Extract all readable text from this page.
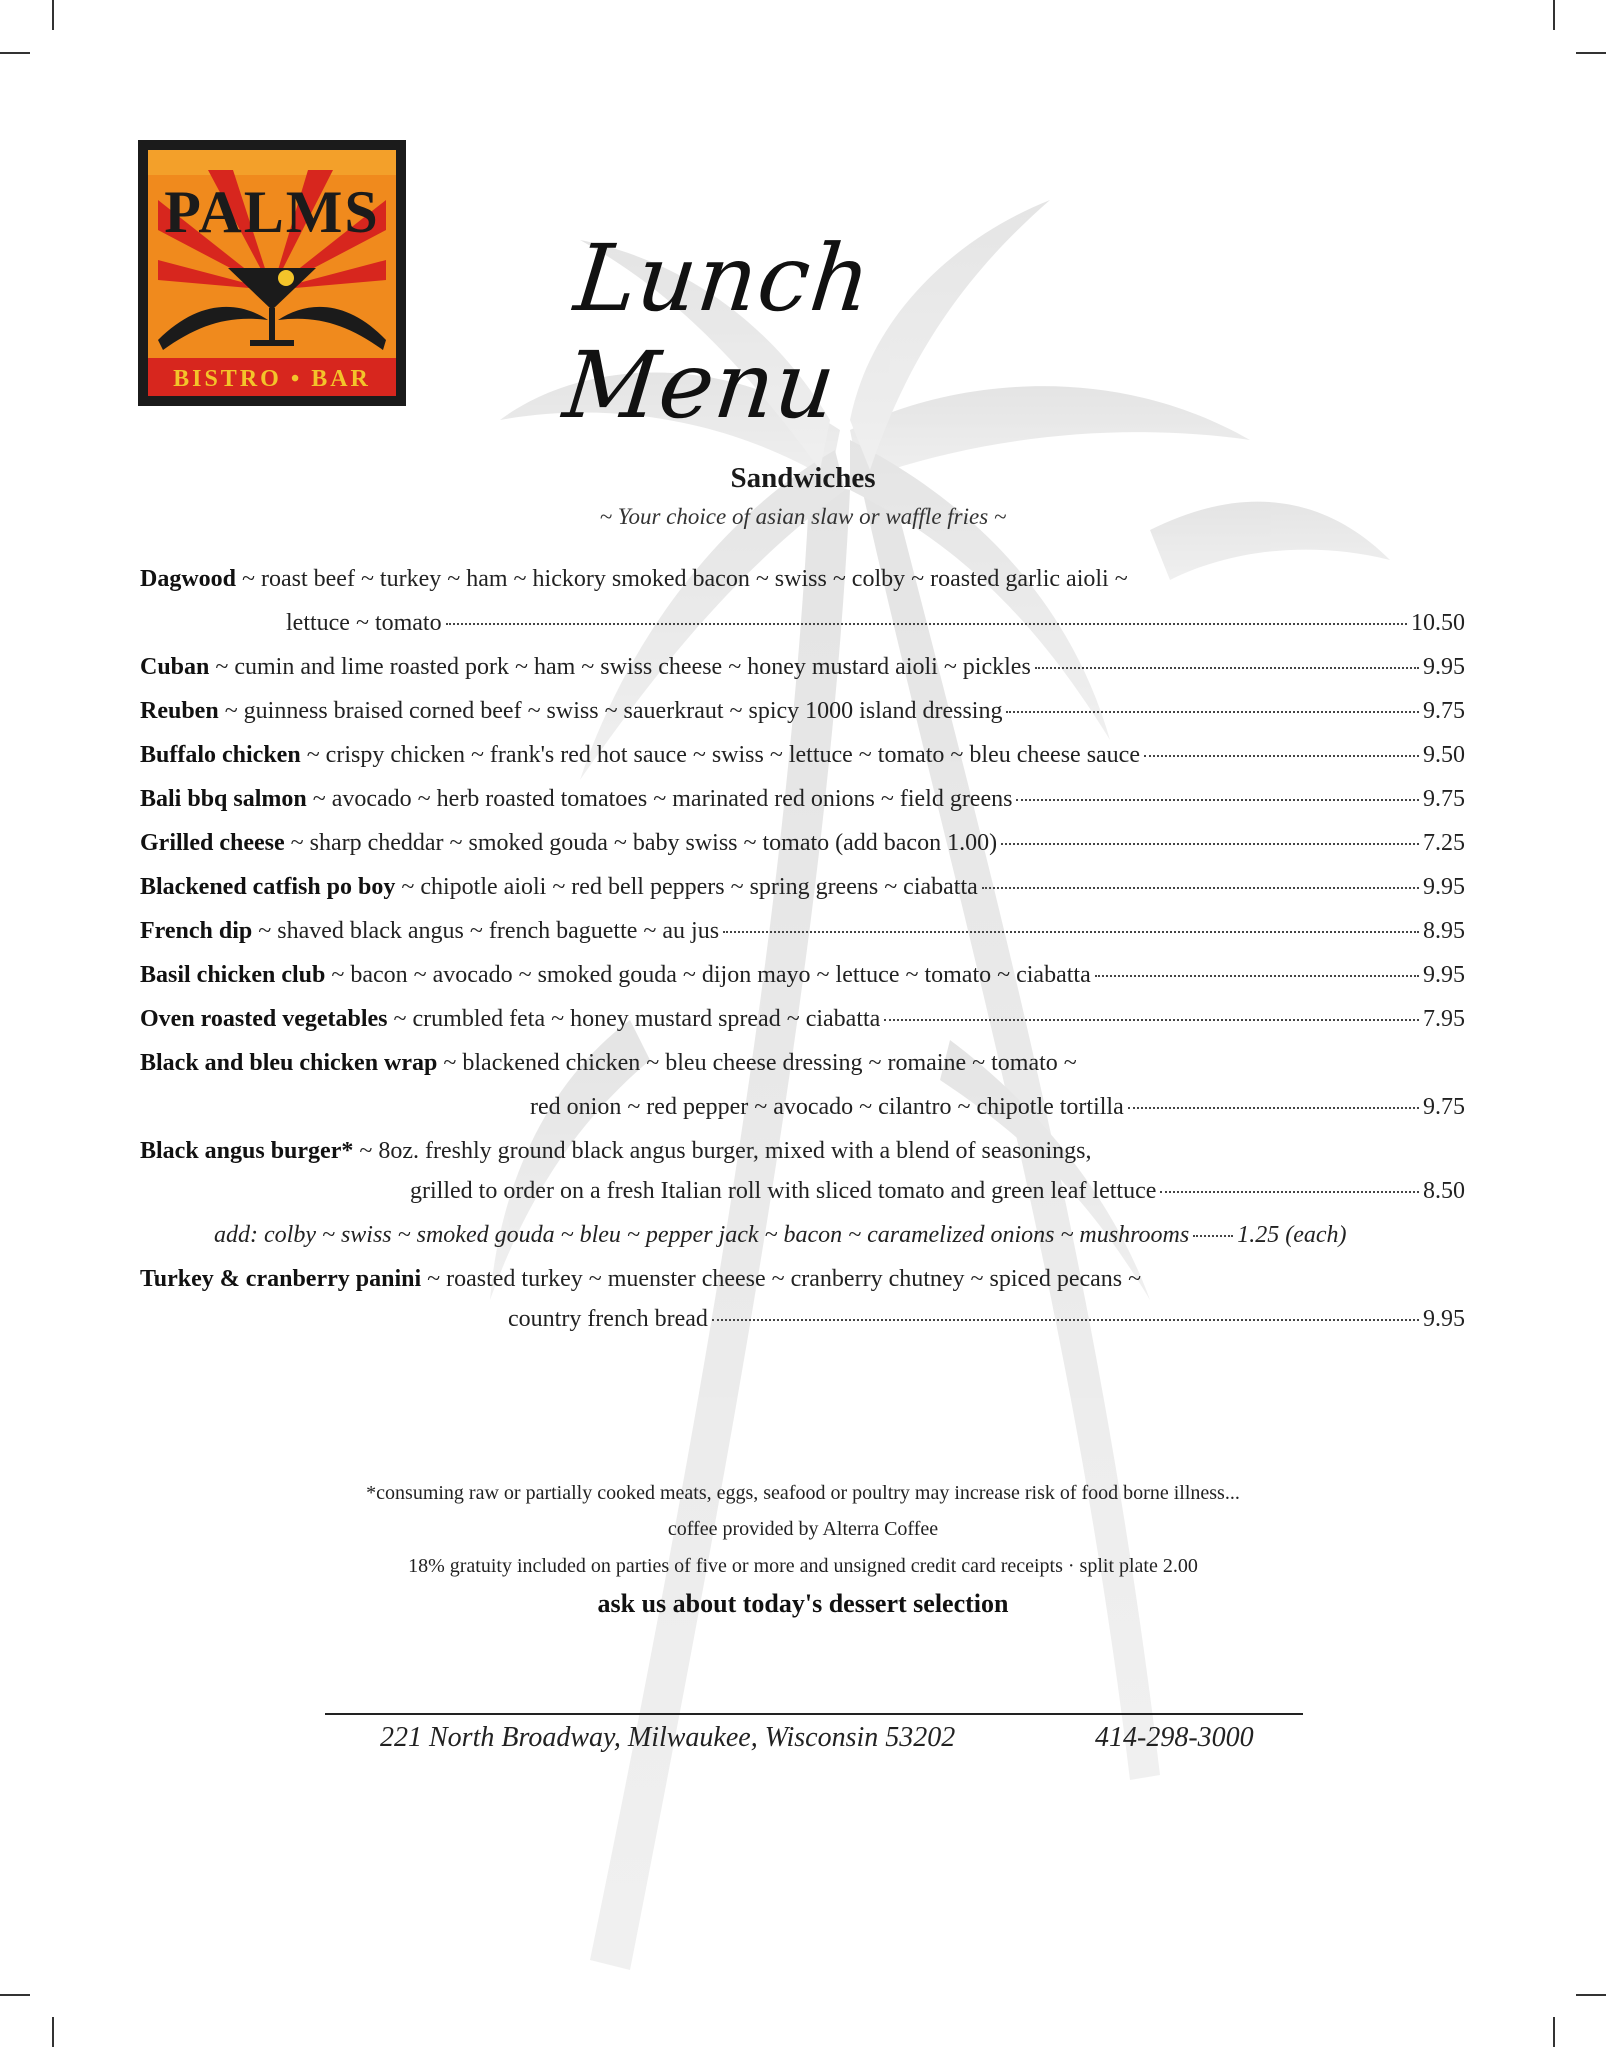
PALMS
BISTRO • BAR
Lunch Menu
Sandwiches
~ Your choice of asian slaw or waffle fries ~
Dagwood ~ roast beef ~ turkey ~ ham ~ hickory smoked bacon ~ swiss ~ colby ~ roasted garlic aioli ~
lettuce ~ tomato	10.50
Cuban ~ cumin and lime roasted pork ~ ham ~ swiss cheese ~ honey mustard aioli ~ pickles	9.95
Reuben ~ guinness braised corned beef ~ swiss ~ sauerkraut ~ spicy 1000 island dressing	9.75
Buffalo chicken ~ crispy chicken ~ frank's red hot sauce ~ swiss ~ lettuce ~ tomato ~ bleu cheese sauce	9.50
Bali bbq salmon ~ avocado ~ herb roasted tomatoes ~ marinated red onions ~ field greens	9.75
Grilled cheese ~ sharp cheddar ~ smoked gouda ~ baby swiss ~ tomato (add bacon 1.00)	7.25
Blackened catfish po boy ~ chipotle aioli ~ red bell peppers ~ spring greens ~ ciabatta	9.95
French dip ~ shaved black angus ~ french baguette ~ au jus	8.95
Basil chicken club ~ bacon ~ avocado ~ smoked gouda ~ dijon mayo ~ lettuce ~ tomato ~ ciabatta	9.95
Oven roasted vegetables ~ crumbled feta ~ honey mustard spread ~ ciabatta	7.95
Black and bleu chicken wrap ~ blackened chicken ~ bleu cheese dressing ~ romaine ~ tomato ~
red onion ~ red pepper ~ avocado ~ cilantro ~ chipotle tortilla	9.75
Black angus burger* ~ 8oz. freshly ground black angus burger, mixed with a blend of seasonings,
grilled to order on a fresh Italian roll with sliced tomato and green leaf lettuce	8.50
add: colby ~ swiss ~ smoked gouda ~ bleu ~ pepper jack ~ bacon ~ caramelized onions ~ mushrooms 1.25 (each)
Turkey & cranberry panini ~ roasted turkey ~ muenster cheese ~ cranberry chutney ~ spiced pecans ~
country french bread	9.95
*consuming raw or partially cooked meats, eggs, seafood or poultry may increase risk of food borne illness...
coffee provided by Alterra Coffee
18% gratuity included on parties of five or more and unsigned credit card receipts · split plate 2.00
ask us about today's dessert selection
221 North Broadway, Milwaukee, Wisconsin 53202	414-298-3000
